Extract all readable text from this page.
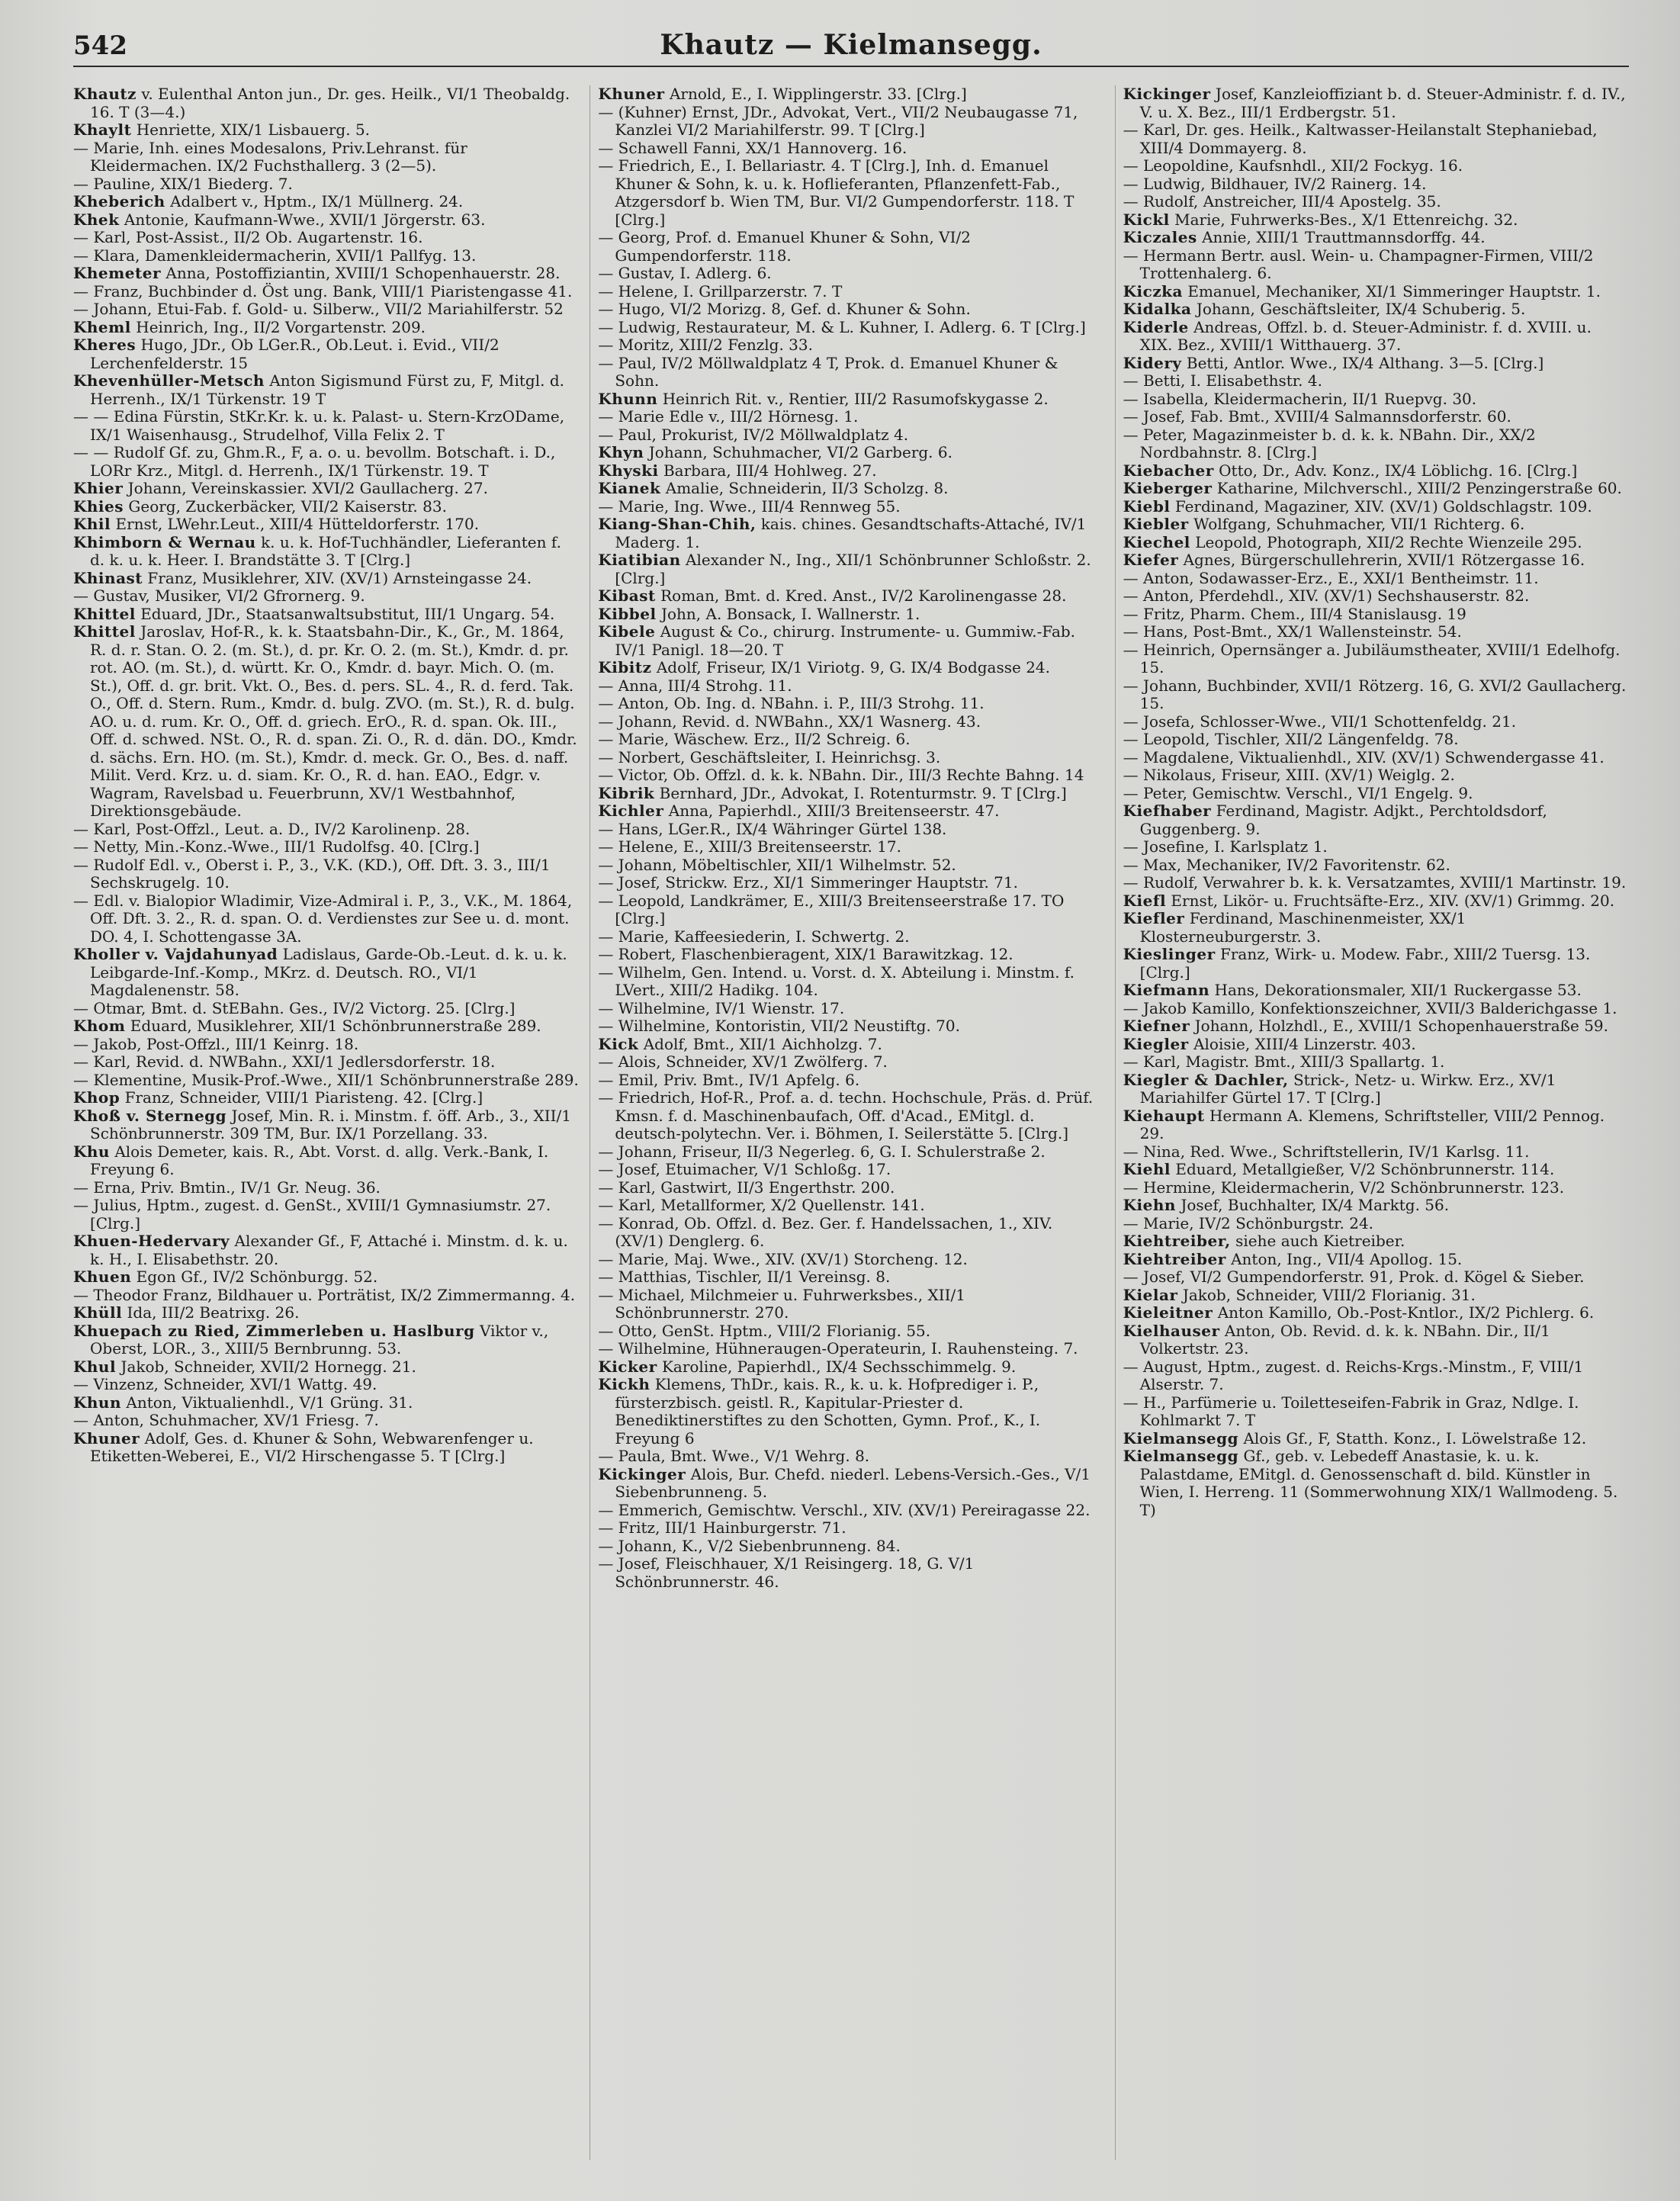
542	Khautz — Kielmansegg.

Khautz v. Eulenthal Anton jun., Dr. ges. Heilk., VI/1 Theobaldg. 16. T (3—4.)

Khaylt Henriette, XIX/1 Lisbauerg. 5.

— Marie, Inh. eines Modesalons, Priv.Lehranst. für Kleidermachen. IX/2 Fuchsthallerg. 3 (2—5).

— Pauline, XIX/1 Biederg. 7.

Kheberich Adalbert v., Hptm., IX/1 Müllnerg. 24.

Khek Antonie, Kaufmann-Wwe., XVII/1 Jörgerstr. 63.

— Karl, Post-Assist., II/2 Ob. Augartenstr. 16.

— Klara, Damenkleidermacherin, XVII/1 Pallfyg. 13.

Khemeter Anna, Postoffiziantin, XVIII/1 Schopenhauerstr. 28.

— Franz, Buchbinder d. Öst ung. Bank, VIII/1 Piaristengasse 41.

— Johann, Etui-Fab. f. Gold- u. Silberw., VII/2 Mariahilferstr. 52

Kheml Heinrich, Ing., II/2 Vorgartenstr. 209.

Kheres Hugo, JDr., Ob LGer.R., Ob.Leut. i. Evid., VII/2 Lerchenfelderstr. 15

Khevenhüller-Metsch Anton Sigismund Fürst zu, F, Mitgl. d. Herrenh., IX/1 Türkenstr. 19 T

— — Edina Fürstin, StKr.Kr. k. u. k. Palast- u. Stern-KrzODame, IX/1 Waisenhausg., Strudelhof, Villa Felix 2. T

— — Rudolf Gf. zu, Ghm.R., F, a. o. u. bevollm. Botschaft. i. D., LORr Krz., Mitgl. d. Herrenh., IX/1 Türkenstr. 19. T

Khier Johann, Vereinskassier. XVI/2 Gaullacherg. 27.

Khies Georg, Zuckerbäcker, VII/2 Kaiserstr. 83.

Khil Ernst, LWehr.Leut., XIII/4 Hütteldorferstr. 170.

Khimborn & Wernau k. u. k. Hof-Tuchhändler, Lieferanten f. d. k. u. k. Heer. I. Brandstätte 3. T [Clrg.]

Khinast Franz, Musiklehrer, XIV. (XV/1) Arnsteingasse 24.

— Gustav, Musiker, VI/2 Gfrornerg. 9.

Khittel Eduard, JDr., Staatsanwaltsubstitut, III/1 Ungarg. 54.

Khittel Jaroslav, Hof-R., k. k. Staatsbahn-Dir., K., Gr., M. 1864, R. d. r. Stan. O. 2. (m. St.), d. pr. Kr. O. 2. (m. St.), Kmdr. d. pr. rot. AO. (m. St.), d. württ. Kr. O., Kmdr. d. bayr. Mich. O. (m. St.), Off. d. gr. brit. Vkt. O., Bes. d. pers. SL. 4., R. d. ferd. Tak. O., Off. d. Stern. Rum., Kmdr. d. bulg. ZVO. (m. St.), R. d. bulg. AO. u. d. rum. Kr. O., Off. d. griech. ErO., R. d. span. Ok. III., Off. d. schwed. NSt. O., R. d. span. Zi. O., R. d. dän. DO., Kmdr. d. sächs. Ern. HO. (m. St.), Kmdr. d. meck. Gr. O., Bes. d. naff. Milit. Verd. Krz. u. d. siam. Kr. O., R. d. han. EAO., Edgr. v. Wagram, Ravelsbad u. Feuerbrunn, XV/1 Westbahnhof, Direktionsgebäude.

— Karl, Post-Offzl., Leut. a. D., IV/2 Karolinenp. 28.

— Netty, Min.-Konz.-Wwe., III/1 Rudolfsg. 40. [Clrg.]

— Rudolf Edl. v., Oberst i. P., 3., V.K. (KD.), Off. Dft. 3. 3., III/1 Sechskrugelg. 10.

— Edl. v. Bialopior Wladimir, Vize-Admiral i. P., 3., V.K., M. 1864, Off. Dft. 3. 2., R. d. span. O. d. Verdienstes zur See u. d. mont. DO. 4, I. Schottengasse 3A.

Kholler v. Vajdahunyad Ladislaus, Garde-Ob.-Leut. d. k. u. k. Leibgarde-Inf.-Komp., MKrz. d. Deutsch. RO., VI/1 Magdalenenstr. 58.

— Otmar, Bmt. d. StEBahn. Ges., IV/2 Victorg. 25. [Clrg.]

Khom Eduard, Musiklehrer, XII/1 Schönbrunnerstraße 289.

— Jakob, Post-Offzl., III/1 Keinrg. 18.

— Karl, Revid. d. NWBahn., XXI/1 Jedlersdorferstr. 18.

— Klementine, Musik-Prof.-Wwe., XII/1 Schönbrunnerstraße 289.

Khop Franz, Schneider, VIII/1 Piaristeng. 42. [Clrg.]

Khoß v. Sternegg Josef, Min. R. i. Minstm. f. öff. Arb., 3., XII/1 Schönbrunnerstr. 309 TM, Bur. IX/1 Porzellang. 33.

Khu Alois Demeter, kais. R., Abt. Vorst. d. allg. Verk.-Bank, I. Freyung 6.

— Erna, Priv. Bmtin., IV/1 Gr. Neug. 36.

— Julius, Hptm., zugest. d. GenSt., XVIII/1 Gymnasiumstr. 27. [Clrg.]

Khuen-Hedervary Alexander Gf., F, Attaché i. Minstm. d. k. u. k. H., I. Elisabethstr. 20.

Khuen Egon Gf., IV/2 Schönburgg. 52.

— Theodor Franz, Bildhauer u. Porträtist, IX/2 Zimmermanng. 4.

Khüll Ida, III/2 Beatrixg. 26.

Khuepach zu Ried, Zimmerleben u. Haslburg Viktor v., Oberst, LOR., 3., XIII/5 Bernbrunng. 53.

Khul Jakob, Schneider, XVII/2 Hornegg. 21.

— Vinzenz, Schneider, XVI/1 Wattg. 49.

Khun Anton, Viktualienhdl., V/1 Grüng. 31.

— Anton, Schuhmacher, XV/1 Friesg. 7.

Khuner Adolf, Ges. d. Khuner & Sohn, Webwarenfenger u. Etiketten-Weberei, E., VI/2 Hirschengasse 5. T [Clrg.]

Khuner Arnold, E., I. Wipplingerstr. 33. [Clrg.]

— (Kuhner) Ernst, JDr., Advokat, Vert., VII/2 Neubaugasse 71, Kanzlei VI/2 Mariahilferstr. 99. T [Clrg.]

— Schawell Fanni, XX/1 Hannoverg. 16.

— Friedrich, E., I. Bellariastr. 4. T [Clrg.], Inh. d. Emanuel Khuner & Sohn, k. u. k. Hoflieferanten, Pflanzenfett-Fab., Atzgersdorf b. Wien TM, Bur. VI/2 Gumpendorferstr. 118. T [Clrg.]

— Georg, Prof. d. Emanuel Khuner & Sohn, VI/2 Gumpendorferstr. 118.

— Gustav, I. Adlerg. 6.

— Helene, I. Grillparzerstr. 7. T

— Hugo, VI/2 Morizg. 8, Gef. d. Khuner & Sohn.

— Ludwig, Restaurateur, M. & L. Kuhner, I. Adlerg. 6. T [Clrg.]

— Moritz, XIII/2 Fenzlg. 33.

— Paul, IV/2 Möllwaldplatz 4 T, Prok. d. Emanuel Khuner & Sohn.

Khunn Heinrich Rit. v., Rentier, III/2 Rasumofskygasse 2.

— Marie Edle v., III/2 Hörnesg. 1.

— Paul, Prokurist, IV/2 Möllwaldplatz 4.

Khyn Johann, Schuhmacher, VI/2 Garberg. 6.

Khyski Barbara, III/4 Hohlweg. 27.

Kianek Amalie, Schneiderin, II/3 Scholzg. 8.

— Marie, Ing. Wwe., III/4 Rennweg 55.

Kiang-Shan-Chih, kais. chines. Gesandtschafts-Attaché, IV/1 Maderg. 1.

Kiatibian Alexander N., Ing., XII/1 Schönbrunner Schloßstr. 2. [Clrg.]

Kibast Roman, Bmt. d. Kred. Anst., IV/2 Karolinengasse 28.

Kibbel John, A. Bonsack, I. Wallnerstr. 1.

Kibele August & Co., chirurg. Instrumente- u. Gummiw.-Fab. IV/1 Panigl. 18—20. T

Kibitz Adolf, Friseur, IX/1 Viriotg. 9, G. IX/4 Bodgasse 24.

— Anna, III/4 Strohg. 11.

— Anton, Ob. Ing. d. NBahn. i. P., III/3 Strohg. 11.

— Johann, Revid. d. NWBahn., XX/1 Wasnerg. 43.

— Marie, Wäschew. Erz., II/2 Schreig. 6.

— Norbert, Geschäftsleiter, I. Heinrichsg. 3.

— Victor, Ob. Offzl. d. k. k. NBahn. Dir., III/3 Rechte Bahng. 14

Kibrik Bernhard, JDr., Advokat, I. Rotenturmstr. 9. T [Clrg.]

Kichler Anna, Papierhdl., XIII/3 Breitenseerstr. 47.

— Hans, LGer.R., IX/4 Währinger Gürtel 138.

— Helene, E., XIII/3 Breitenseerstr. 17.

— Johann, Möbeltischler, XII/1 Wilhelmstr. 52.

— Josef, Strickw. Erz., XI/1 Simmeringer Hauptstr. 71.

— Leopold, Landkrämer, E., XIII/3 Breitenseerstraße 17. TO [Clrg.]

— Marie, Kaffeesiederin, I. Schwertg. 2.

— Robert, Flaschenbieragent, XIX/1 Barawitzkag. 12.

— Wilhelm, Gen. Intend. u. Vorst. d. X. Abteilung i. Minstm. f. LVert., XIII/2 Hadikg. 104.

— Wilhelmine, IV/1 Wienstr. 17.

— Wilhelmine, Kontoristin, VII/2 Neustiftg. 70.

Kick Adolf, Bmt., XII/1 Aichholzg. 7.

— Alois, Schneider, XV/1 Zwölferg. 7.

— Emil, Priv. Bmt., IV/1 Apfelg. 6.

— Friedrich, Hof-R., Prof. a. d. techn. Hochschule, Präs. d. Prüf. Kmsn. f. d. Maschinenbaufach, Off. d'Acad., EMitgl. d. deutsch-polytechn. Ver. i. Böhmen, I. Seilerstätte 5. [Clrg.]

— Johann, Friseur, II/3 Negerleg. 6, G. I. Schulerstraße 2.

— Josef, Etuimacher, V/1 Schloßg. 17.

— Karl, Gastwirt, II/3 Engerthstr. 200.

— Karl, Metallformer, X/2 Quellenstr. 141.

— Konrad, Ob. Offzl. d. Bez. Ger. f. Handelssachen, 1., XIV. (XV/1) Denglerg. 6.

— Marie, Maj. Wwe., XIV. (XV/1) Storcheng. 12.

— Matthias, Tischler, II/1 Vereinsg. 8.

— Michael, Milchmeier u. Fuhrwerksbes., XII/1 Schönbrunnerstr. 270.

— Otto, GenSt. Hptm., VIII/2 Florianig. 55.

— Wilhelmine, Hühneraugen-Operateurin, I. Rauhensteing. 7.

Kicker Karoline, Papierhdl., IX/4 Sechsschimmelg. 9.

Kickh Klemens, ThDr., kais. R., k. u. k. Hofprediger i. P., fürsterzbisch. geistl. R., Kapitular-Priester d. Benediktinerstiftes zu den Schotten, Gymn. Prof., K., I. Freyung 6

— Paula, Bmt. Wwe., V/1 Wehrg. 8.

Kickinger Alois, Bur. Chefd. niederl. Lebens-Versich.-Ges., V/1 Siebenbrunneng. 5.

— Emmerich, Gemischtw. Verschl., XIV. (XV/1) Pereiragasse 22.

— Fritz, III/1 Hainburgerstr. 71.

— Johann, K., V/2 Siebenbrunneng. 84.

— Josef, Fleischhauer, X/1 Reisingerg. 18, G. V/1 Schönbrunnerstr. 46.

Kickinger Josef, Kanzleioffiziant b. d. Steuer-Administr. f. d. IV., V. u. X. Bez., III/1 Erdbergstr. 51.

— Karl, Dr. ges. Heilk., Kaltwasser-Heilanstalt Stephaniebad, XIII/4 Dommayerg. 8.

— Leopoldine, Kaufsnhdl., XII/2 Fockyg. 16.

— Ludwig, Bildhauer, IV/2 Rainerg. 14.

— Rudolf, Anstreicher, III/4 Apostelg. 35.

Kickl Marie, Fuhrwerks-Bes., X/1 Ettenreichg. 32.

Kiczales Annie, XIII/1 Trauttmannsdorffg. 44.

— Hermann Bertr. ausl. Wein- u. Champagner-Firmen, VIII/2 Trottenhalerg. 6.

Kiczka Emanuel, Mechaniker, XI/1 Simmeringer Hauptstr. 1.

Kidalka Johann, Geschäftsleiter, IX/4 Schuberig. 5.

Kiderle Andreas, Offzl. b. d. Steuer-Administr. f. d. XVIII. u. XIX. Bez., XVIII/1 Witthauerg. 37.

Kidery Betti, Antlor. Wwe., IX/4 Althang. 3—5. [Clrg.]

— Betti, I. Elisabethstr. 4.

— Isabella, Kleidermacherin, II/1 Ruepvg. 30.

— Josef, Fab. Bmt., XVIII/4 Salmannsdorferstr. 60.

— Peter, Magazinmeister b. d. k. k. NBahn. Dir., XX/2 Nordbahnstr. 8. [Clrg.]

Kiebacher Otto, Dr., Adv. Konz., IX/4 Löblichg. 16. [Clrg.]

Kieberger Katharine, Milchverschl., XIII/2 Penzingerstraße 60.

Kiebl Ferdinand, Magaziner, XIV. (XV/1) Goldschlagstr. 109.

Kiebler Wolfgang, Schuhmacher, VII/1 Richterg. 6.

Kiechel Leopold, Photograph, XII/2 Rechte Wienzeile 295.

Kiefer Agnes, Bürgerschullehrerin, XVII/1 Rötzergasse 16.

— Anton, Sodawasser-Erz., E., XXI/1 Bentheimstr. 11.

— Anton, Pferdehdl., XIV. (XV/1) Sechshauserstr. 82.

— Fritz, Pharm. Chem., III/4 Stanislausg. 19

— Hans, Post-Bmt., XX/1 Wallensteinstr. 54.

— Heinrich, Opernsänger a. Jubiläumstheater, XVIII/1 Edelhofg. 15.

— Johann, Buchbinder, XVII/1 Rötzerg. 16, G. XVI/2 Gaullacherg. 15.

— Josefa, Schlosser-Wwe., VII/1 Schottenfeldg. 21.

— Leopold, Tischler, XII/2 Längenfeldg. 78.

— Magdalene, Viktualienhdl., XIV. (XV/1) Schwendergasse 41.

— Nikolaus, Friseur, XIII. (XV/1) Weiglg. 2.

— Peter, Gemischtw. Verschl., VI/1 Engelg. 9.

Kiefhaber Ferdinand, Magistr. Adjkt., Perchtoldsdorf, Guggenberg. 9.

— Josefine, I. Karlsplatz 1.

— Max, Mechaniker, IV/2 Favoritenstr. 62.

— Rudolf, Verwahrer b. k. k. Versatzamtes, XVIII/1 Martinstr. 19.

Kiefl Ernst, Likör- u. Fruchtsäfte-Erz., XIV. (XV/1) Grimmg. 20.

Kiefler Ferdinand, Maschinenmeister, XX/1 Klosterneuburgerstr. 3.

Kieslinger Franz, Wirk- u. Modew. Fabr., XIII/2 Tuersg. 13. [Clrg.]

Kiefmann Hans, Dekorationsmaler, XII/1 Ruckergasse 53.

— Jakob Kamillo, Konfektionszeichner, XVII/3 Balderichgasse 1.

Kiefner Johann, Holzhdl., E., XVIII/1 Schopenhauerstraße 59.

Kiegler Aloisie, XIII/4 Linzerstr. 403.

— Karl, Magistr. Bmt., XIII/3 Spallartg. 1.

Kiegler & Dachler, Strick-, Netz- u. Wirkw. Erz., XV/1 Mariahilfer Gürtel 17. T [Clrg.]

Kiehaupt Hermann A. Klemens, Schriftsteller, VIII/2 Pennog. 29.

— Nina, Red. Wwe., Schriftstellerin, IV/1 Karlsg. 11.

Kiehl Eduard, Metallgießer, V/2 Schönbrunnerstr. 114.

— Hermine, Kleidermacherin, V/2 Schönbrunnerstr. 123.

Kiehn Josef, Buchhalter, IX/4 Marktg. 56.

— Marie, IV/2 Schönburgstr. 24.

Kiehtreiber, siehe auch Kietreiber.

Kiehtreiber Anton, Ing., VII/4 Apollog. 15.

— Josef, VI/2 Gumpendorferstr. 91, Prok. d. Kögel & Sieber.

Kielar Jakob, Schneider, VIII/2 Florianig. 31.

Kieleitner Anton Kamillo, Ob.-Post-Kntlor., IX/2 Pichlerg. 6.

Kielhauser Anton, Ob. Revid. d. k. k. NBahn. Dir., II/1 Volkertstr. 23.

— August, Hptm., zugest. d. Reichs-Krgs.-Minstm., F, VIII/1 Alserstr. 7.

— H., Parfümerie u. Toiletteseifen-Fabrik in Graz, Ndlge. I. Kohlmarkt 7. T

Kielmansegg Alois Gf., F, Statth. Konz., I. Löwelstraße 12.

Kielmansegg Gf., geb. v. Lebedeff Anastasie, k. u. k. Palastdame, EMitgl. d. Genossenschaft d. bild. Künstler in Wien, I. Herreng. 11 (Sommerwohnung XIX/1 Wallmodeng. 5. T)
